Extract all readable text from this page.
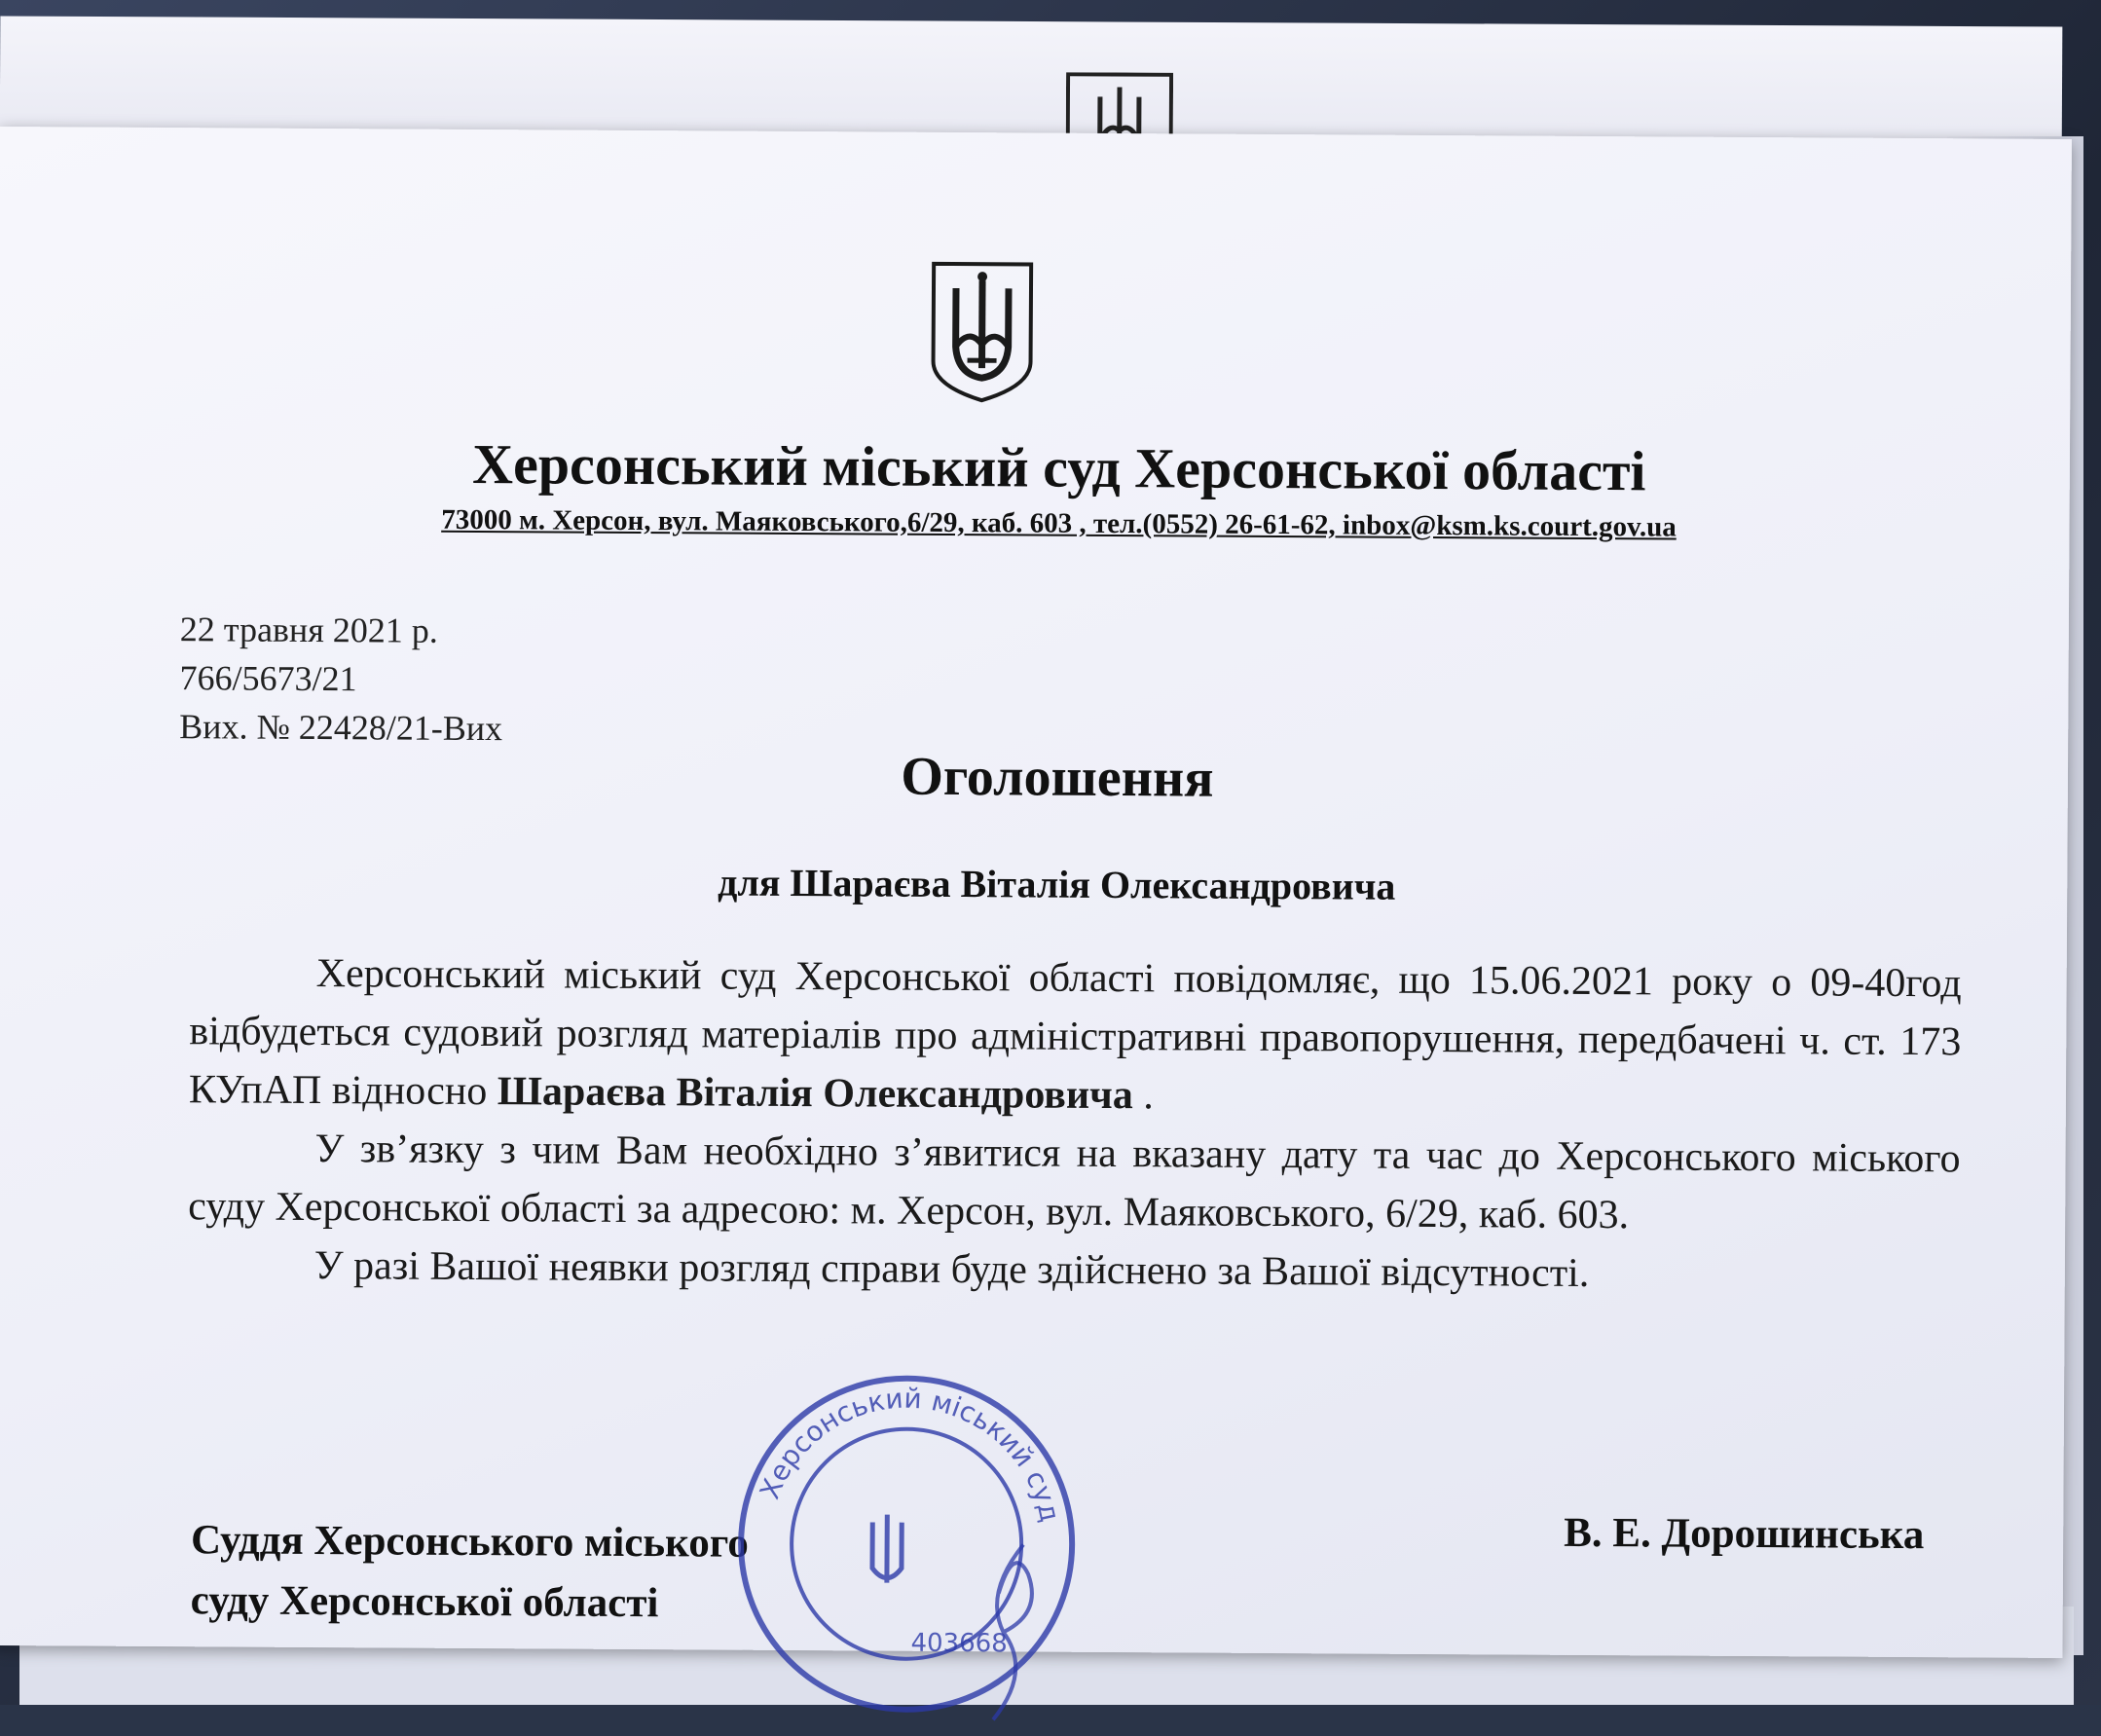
Херсонський міський суд Херсонської області
73000 м. Херсон, вул. Маяковського,6/29, каб. 603 , тел.(0552) 26-61-62, inbox@ksm.ks.court.gov.ua
22 травня 2021 р.
766/5673/21
Вих. № 22428/21-Вих
Оголошення
для Шараєва Віталія Олександровича

Херсонський міський суд Херсонської області повідомляє, що 15.06.2021 року о 09-40год відбудеться судовий розгляд матеріалів про адміністративні правопорушення, передбачені ч. ст. 173 КУпАП відносно Шараєва Віталія Олександровича .

У зв’язку з чим Вам необхідно з’явитися на вказану дату та час до Херсонського міського суду Херсонської області за адресою: м. Херсон, вул. Маяковського, 6/29, каб. 603.

У разі Вашої неявки розгляд справи буде здійснено за Вашої відсутності.

Суддя Херсонського міського
суду Херсонської області
В. Е. Дорошинська
Херсонський міський суд
403668
